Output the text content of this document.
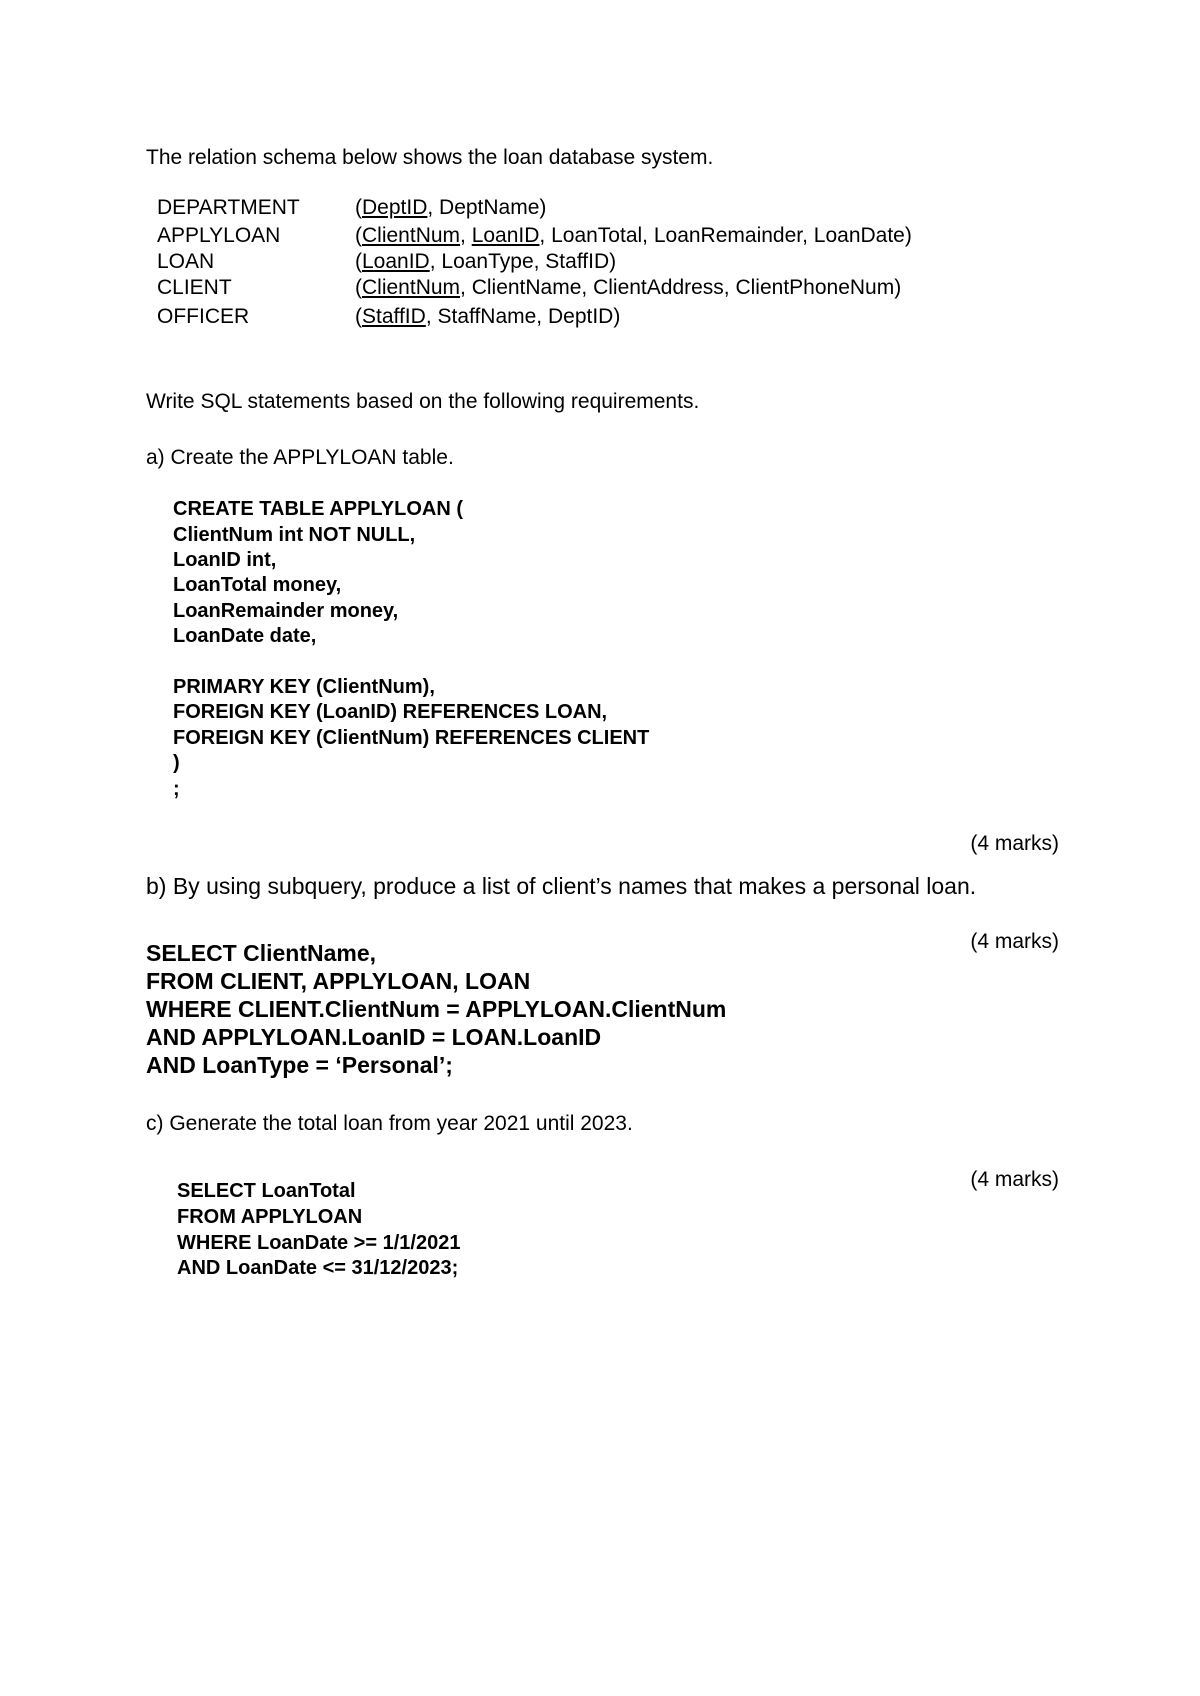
The relation schema below shows the loan database system.

DEPARTMENT

	(DeptID, DeptName)

APPLYLOAN

	(ClientNum, LoanID, LoanTotal, LoanRemainder, LoanDate)

LOAN

	(LoanID, LoanType, StaffID)

CLIENT

	(ClientNum, ClientName, ClientAddress, ClientPhoneNum)

OFFICER

	(StaffID, StaffName, DeptID)

Write SQL statements based on the following requirements.

a) Create the APPLYLOAN table.

CREATE TABLE APPLYLOAN (

ClientNum int NOT NULL,

LoanID int,

LoanTotal money,

LoanRemainder money,

LoanDate date,

PRIMARY KEY (ClientNum),

FOREIGN KEY (LoanID) REFERENCES LOAN,

FOREIGN KEY (ClientNum) REFERENCES CLIENT

)

;

(4 marks)

b) By using subquery, produce a list of client’s names that makes a personal loan.

(4 marks)

SELECT ClientName,

FROM CLIENT, APPLYLOAN, LOAN

WHERE CLIENT.ClientNum = APPLYLOAN.ClientNum

AND APPLYLOAN.LoanID = LOAN.LoanID

AND LoanType = ‘Personal’;

c) Generate the total loan from year 2021 until 2023.

(4 marks)

SELECT LoanTotal

FROM APPLYLOAN

WHERE LoanDate >= 1/1/2021

AND LoanDate <= 31/12/2023;
